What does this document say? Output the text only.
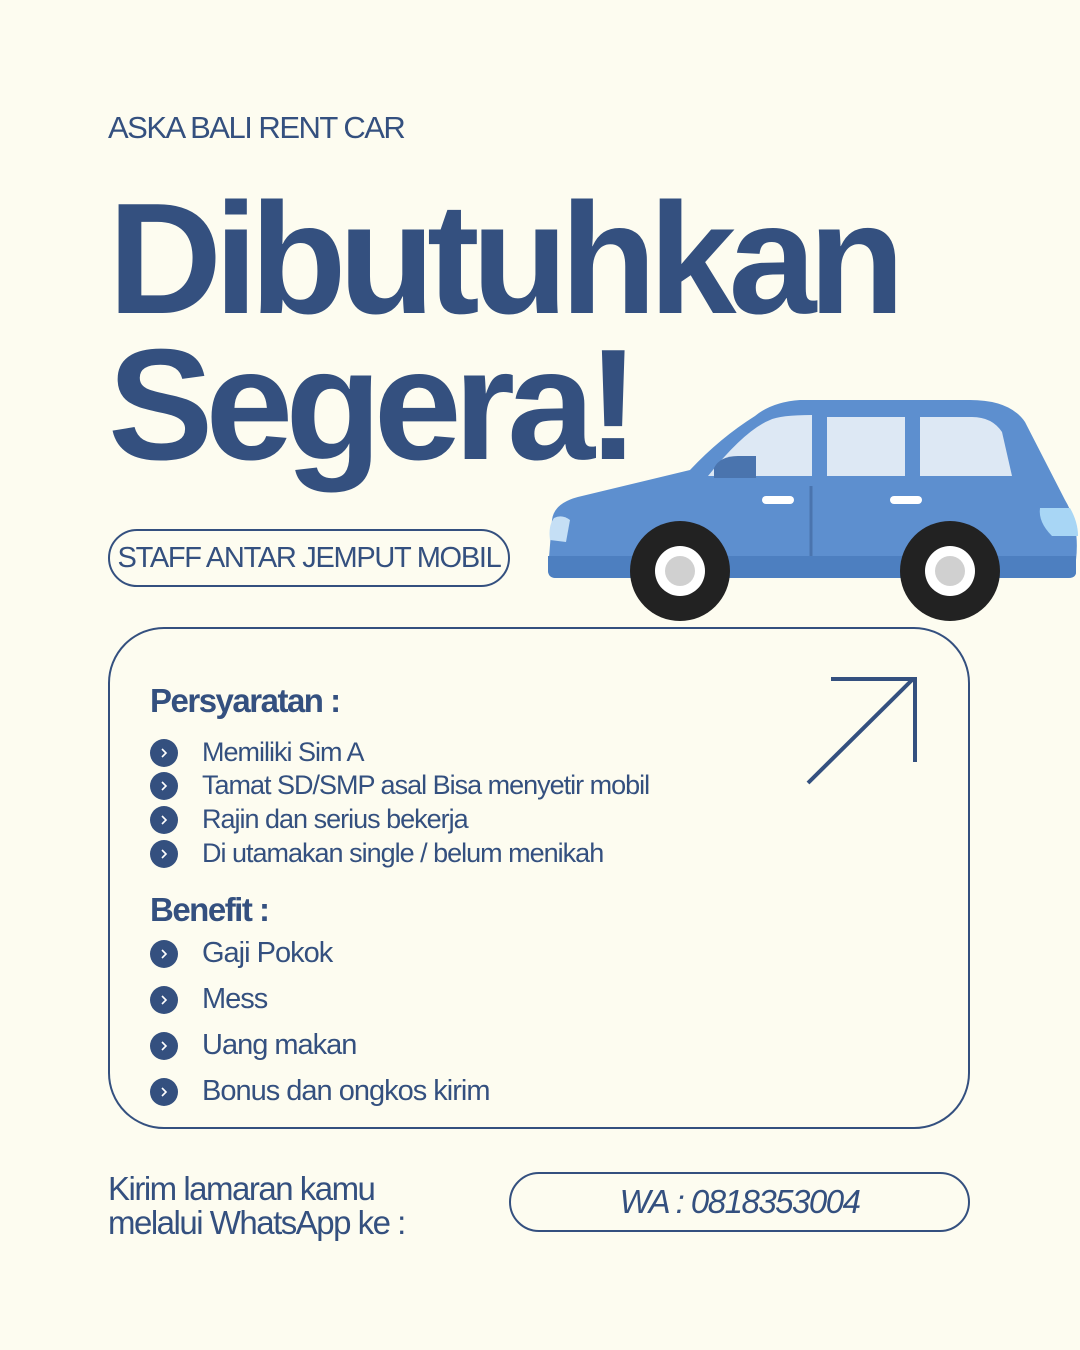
ASKA BALI RENT CAR
Dibutuhkan
Segera!
STAFF ANTAR JEMPUT MOBIL
Persyaratan :
Memiliki Sim A
Tamat SD/SMP asal Bisa menyetir mobil
Rajin dan serius bekerja
Di utamakan single / belum menikah
Benefit :
Gaji Pokok
Mess
Uang makan
Bonus dan ongkos kirim
Kirim lamaran kamu
melalui WhatsApp ke :
WA : 0818353004
